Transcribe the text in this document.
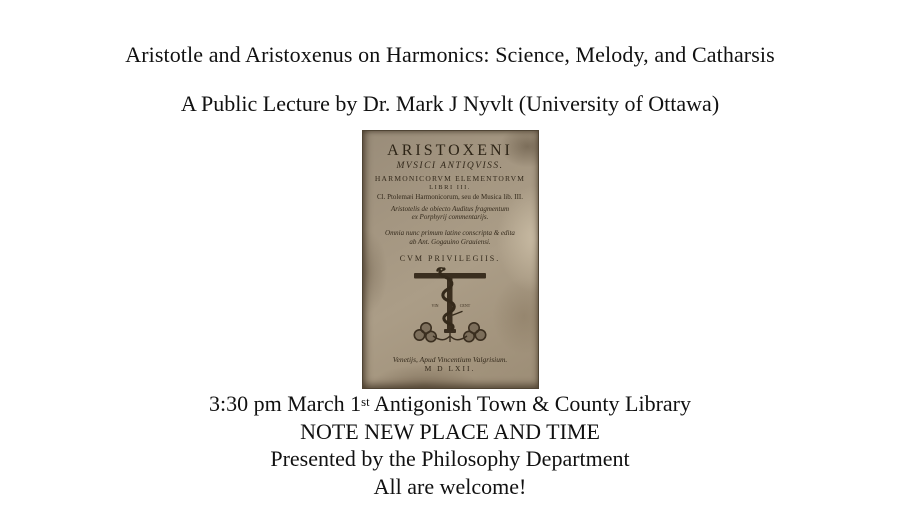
Aristotle and Aristoxenus on Harmonics: Science, Melody, and Catharsis
A Public Lecture by Dr. Mark J Nyvlt (University of Ottawa)
ARISTOXENI
MVSICI ANTIQVISS.
HARMONICORVM ELEMENTORVM
LIBRI III.
Cl. Ptolemæi Harmonicorum, seu de Musica lib. III.
Aristotelis de obiecto Auditus fragmentum
ex Porphyrij commentarijs.
Omnia nunc primum latine conscripta & edita
ab Ant. Gogauino Grauiensi.
CVM PRIVILEGIIS.
VIN	CENT
Venetijs, Apud Vincentium Valgrisium.
M D LXII.
3:30 pm March 1st Antigonish Town & County Library
NOTE NEW PLACE AND TIME
Presented by the Philosophy Department
All are welcome!
